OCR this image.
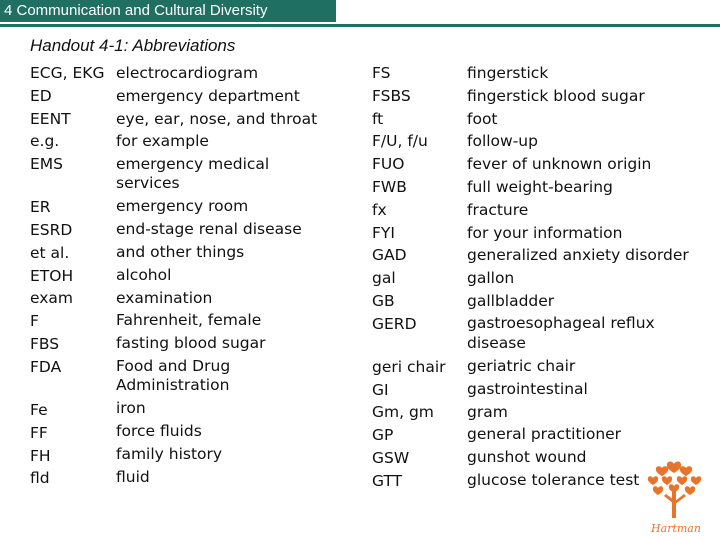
4 Communication and Cultural Diversity
Handout 4-1: Abbreviations
ECG, EKG
ED
EENT
e.g.
EMS
ER
ESRD
et al.
ETOH
exam
F
FBS
FDA
Fe
FF
FH
fld
electrocardiogram
emergency department
eye, ear, nose, and throat
for example
emergency medical services
emergency room
end-stage renal disease
and other things
alcohol
examination
Fahrenheit, female
fasting blood sugar
Food and Drug Administration
iron
force fluids
family history
fluid
FS
FSBS
ft
F/U, f/u
FUO
FWB
fx
FYI
GAD
gal
GB
GERD
geri chair
GI
Gm, gm
GP
GSW
GTT
fingerstick
fingerstick blood sugar
foot
follow-up
fever of unknown origin
full weight-bearing
fracture
for your information
generalized anxiety disorder
gallon
gallbladder
gastroesophageal reflux disease
geriatric chair
gastrointestinal
gram
general practitioner
gunshot wound
glucose tolerance test
Hartman
